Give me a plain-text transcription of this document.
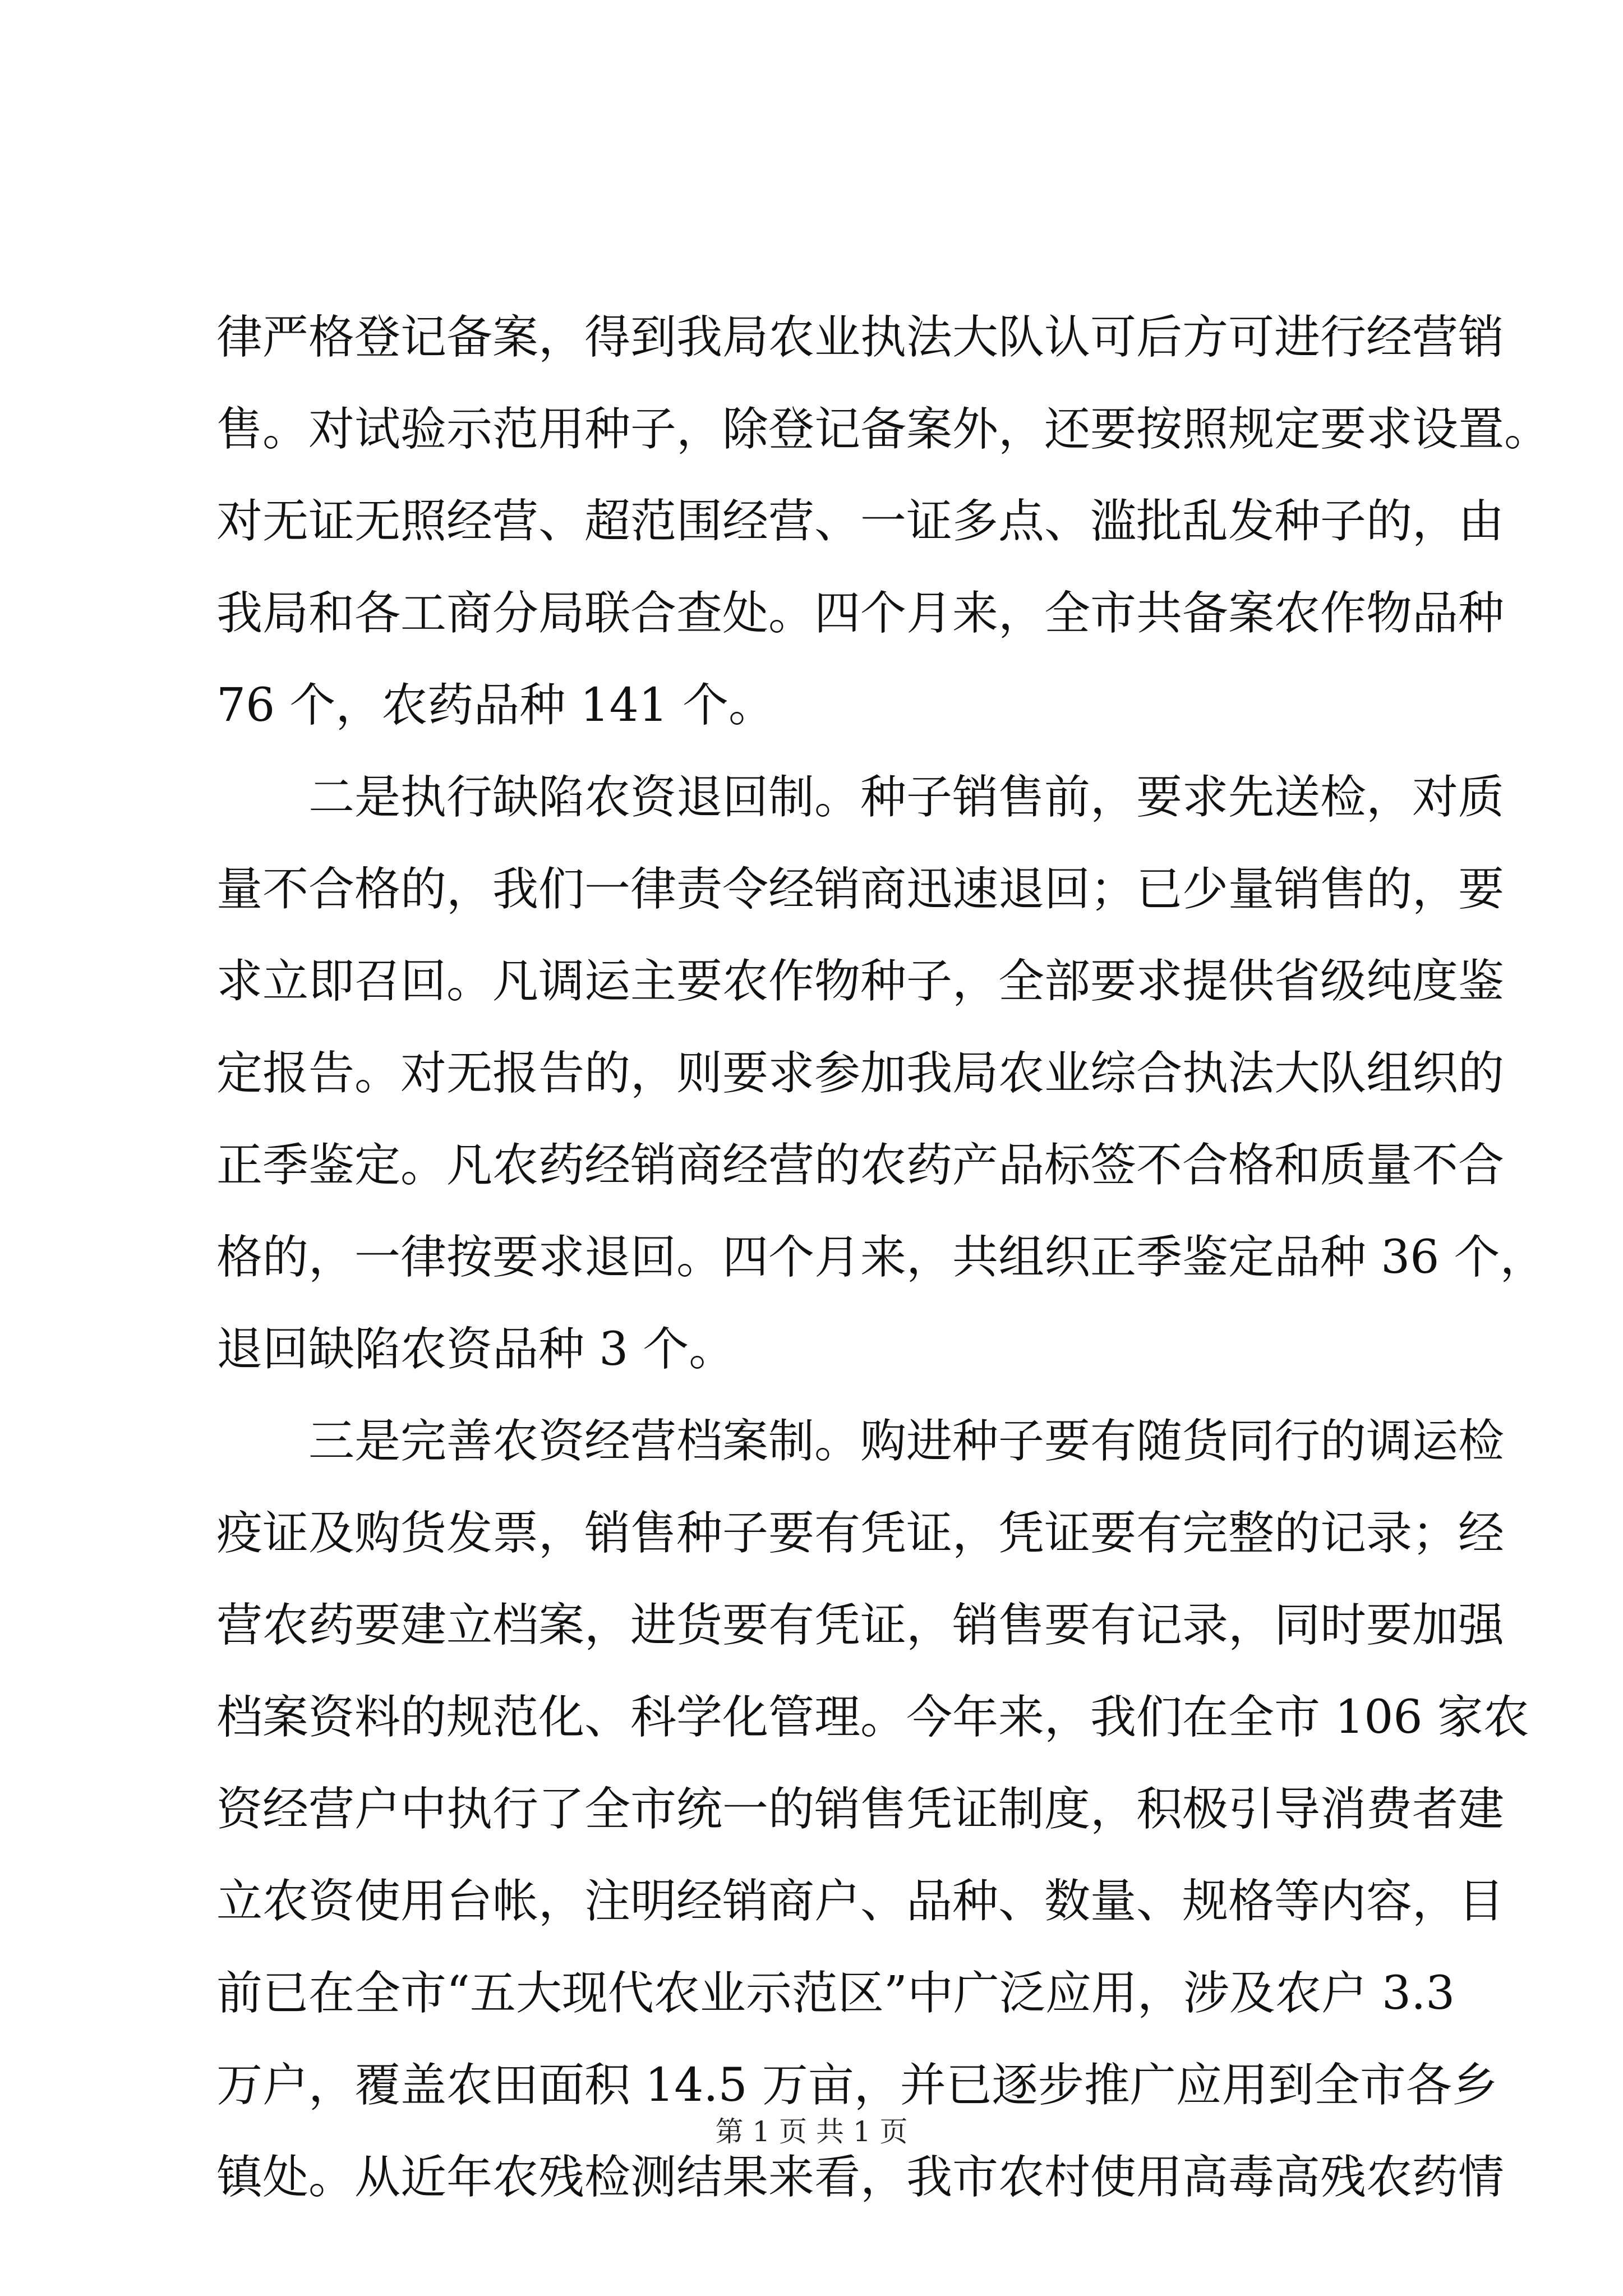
律严格登记备案，得到我局农业执法大队认可后方可进行经营销
售。对试验示范用种子，除登记备案外，还要按照规定要求设置。
对无证无照经营、超范围经营、一证多点、滥批乱发种子的，由
我局和各工商分局联合查处。四个月来，全市共备案农作物品种
76 个，农药品种 141 个。
　　二是执行缺陷农资退回制。种子销售前，要求先送检，对质
量不合格的，我们一律责令经销商迅速退回；已少量销售的，要
求立即召回。凡调运主要农作物种子，全部要求提供省级纯度鉴
定报告。对无报告的，则要求参加我局农业综合执法大队组织的
正季鉴定。凡农药经销商经营的农药产品标签不合格和质量不合
格的，一律按要求退回。四个月来，共组织正季鉴定品种 36 个，
退回缺陷农资品种 3 个。
　　三是完善农资经营档案制。购进种子要有随货同行的调运检
疫证及购货发票，销售种子要有凭证，凭证要有完整的记录；经
营农药要建立档案，进货要有凭证，销售要有记录，同时要加强
档案资料的规范化、科学化管理。今年来，我们在全市 106 家农
资经营户中执行了全市统一的销售凭证制度，积极引导消费者建
立农资使用台帐，注明经销商户、品种、数量、规格等内容，目
前已在全市“五大现代农业示范区”中广泛应用，涉及农户 3.3
万户，覆盖农田面积 14.5 万亩，并已逐步推广应用到全市各乡
镇处。从近年农残检测结果来看，我市农村使用高毒高残农药情
第 1 页 共 1 页
